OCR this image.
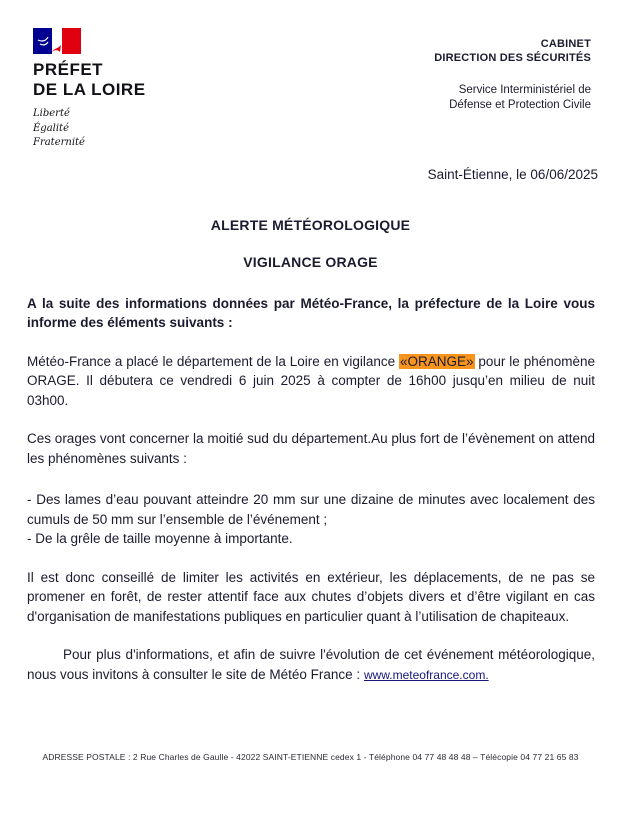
PRÉFET
DE LA LOIRE
Liberté
Égalité
Fraternité
CABINET
DIRECTION DES SÉCURITÉS
Service Interministériel de
Défense et Protection Civile
Saint-Étienne, le 06/06/2025
ALERTE MÉTÉOROLOGIQUE
VIGILANCE ORAGE

A la suite des informations données par Météo-France, la préfecture de la Loire vous informe des éléments suivants :

Météo-France a placé le département de la Loire en vigilance «ORANGE» pour le phénomène ORAGE. Il débutera ce vendredi 6 juin 2025 à compter de 16h00 jusqu’en milieu de nuit 03h00.

Ces orages vont concerner la moitié sud du département.Au plus fort de l’évènement on attend les phénomènes suivants :

- Des lames d’eau pouvant atteindre 20 mm sur une dizaine de minutes avec localement des cumuls de 50 mm sur l’ensemble de l’événement ;
- De la grêle de taille moyenne à importante.

Il est donc conseillé de limiter les activités en extérieur, les déplacements, de ne pas se promener en forêt, de rester attentif face aux chutes d’objets divers et d’être vigilant en cas d'organisation de manifestations publiques en particulier quant à l’utilisation de chapiteaux.

Pour plus d'informations, et afin de suivre l'évolution de cet événement météorologique, nous vous invitons à consulter le site de Météo France : www.meteofrance.com.

ADRESSE POSTALE : 2 Rue Charles de Gaulle - 42022 SAINT-ETIENNE cedex 1 - Téléphone 04 77 48 48 48 – Télécopie 04 77 21 65 83
